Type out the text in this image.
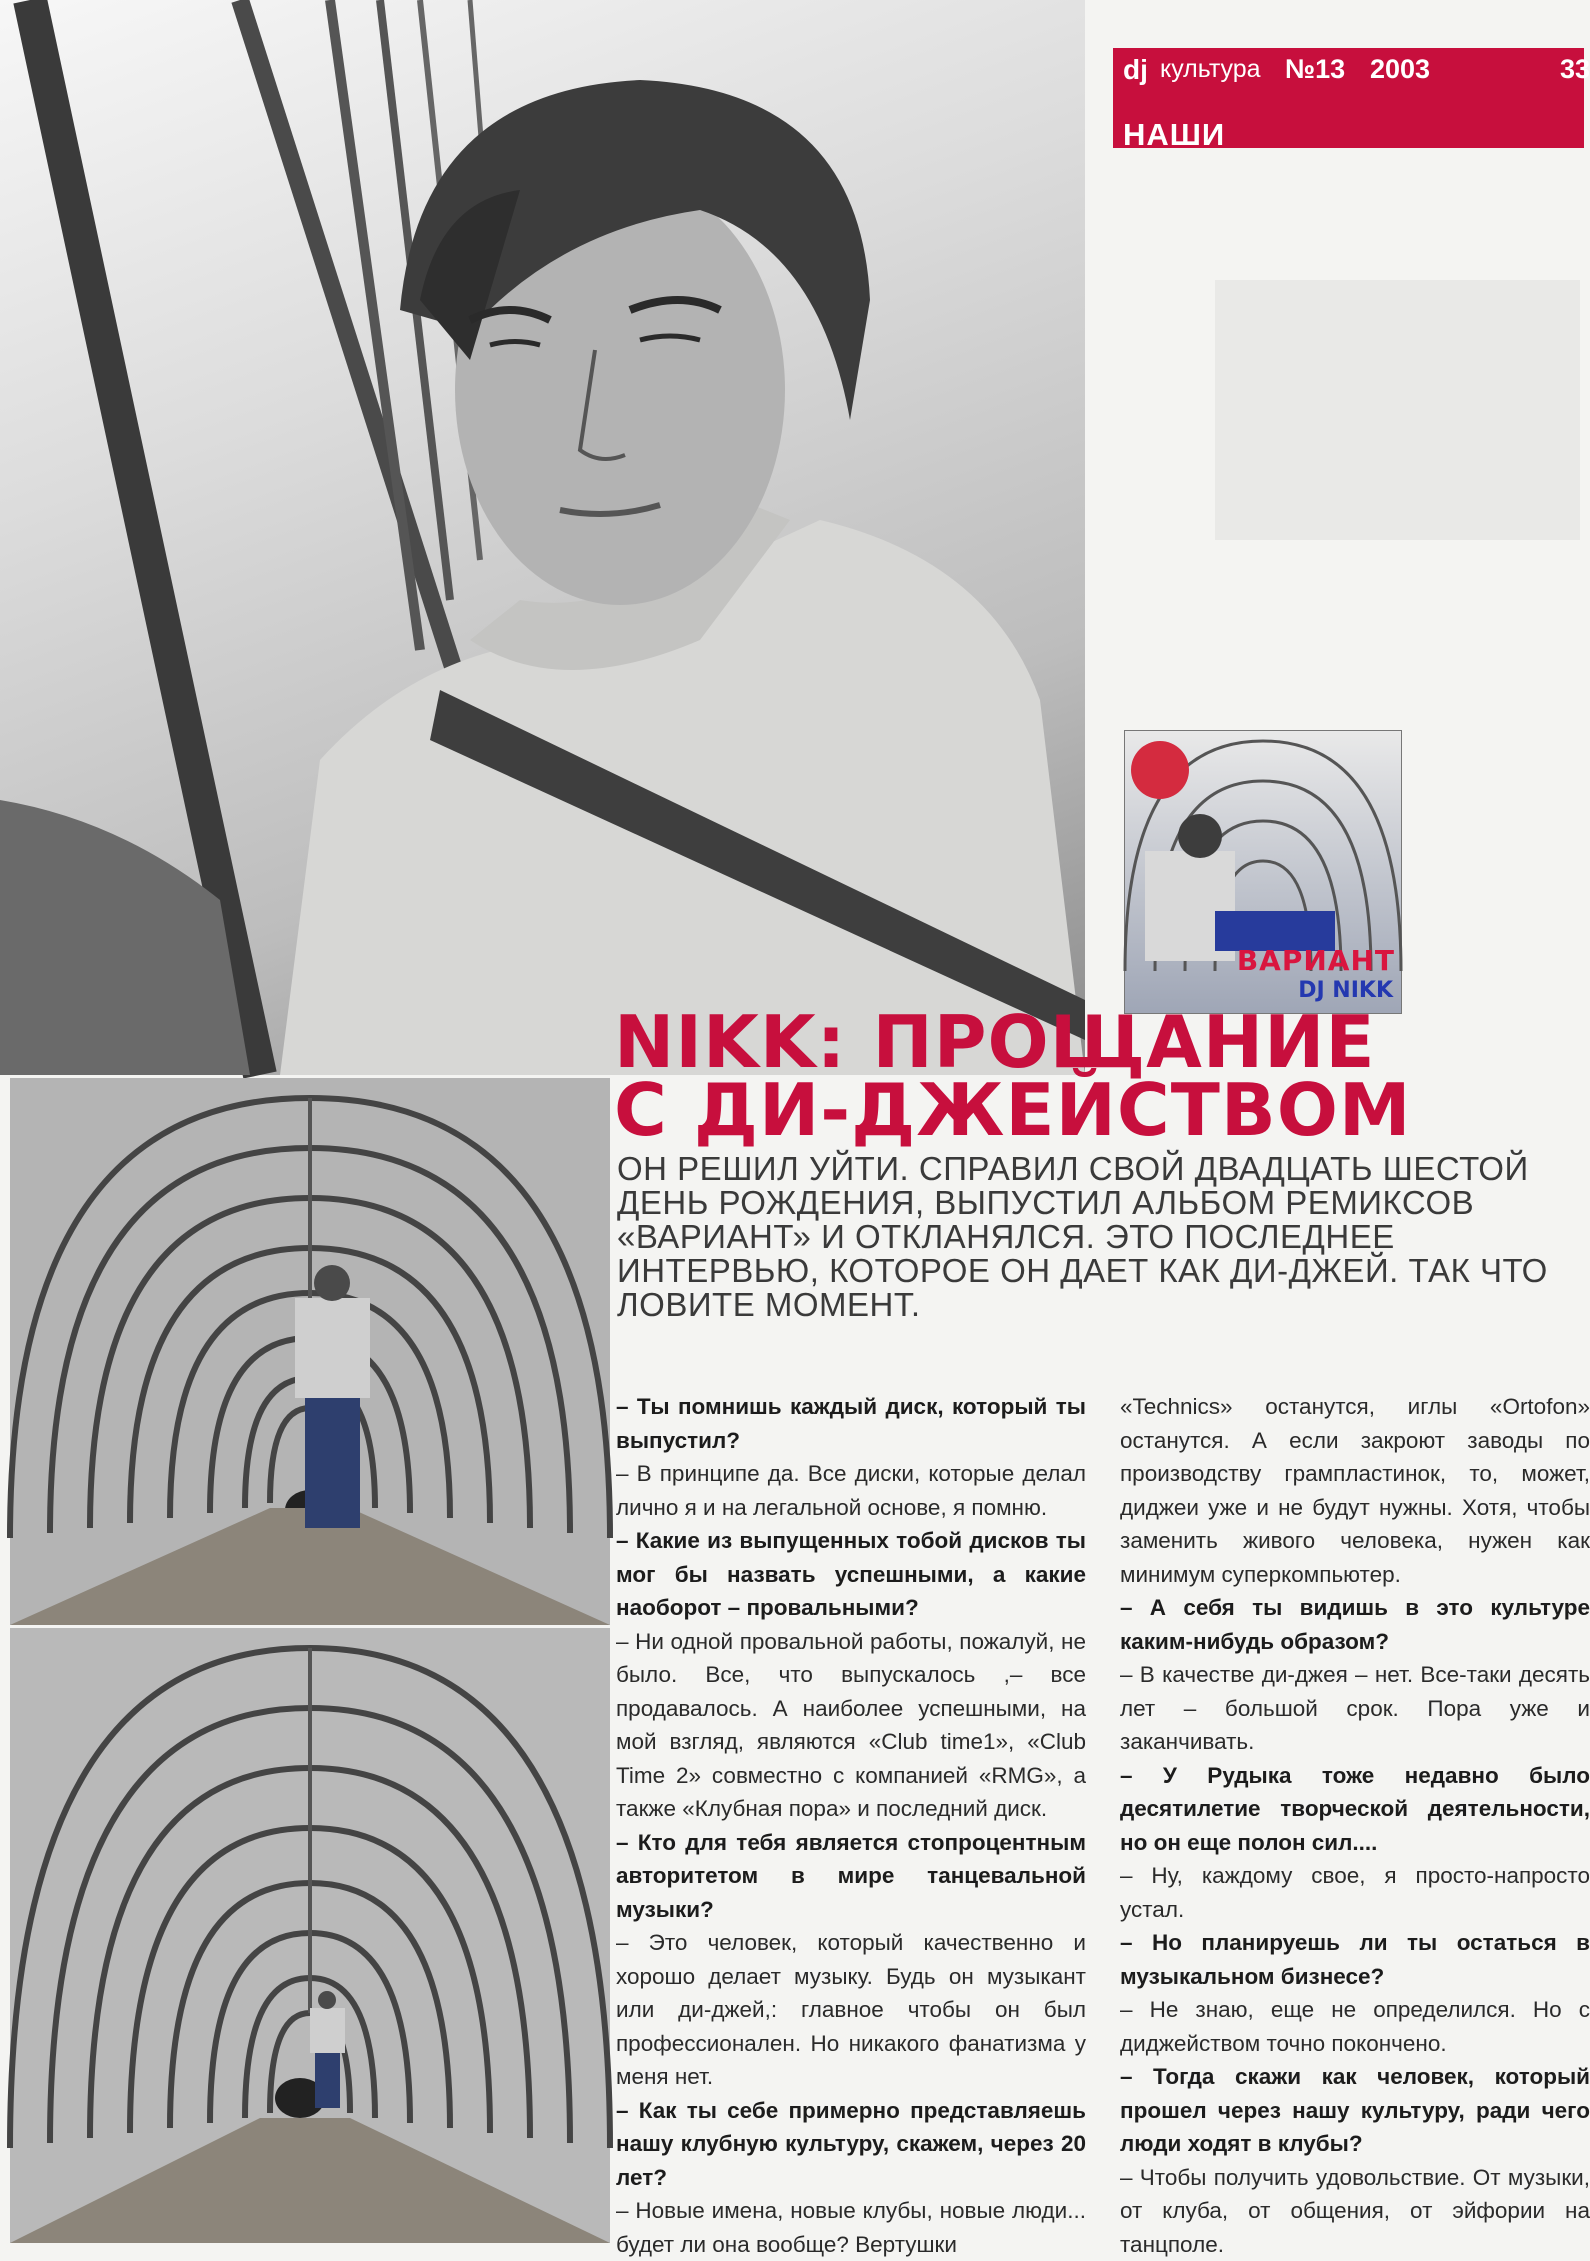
ВАРИАНТ
DJ NIKK
dj культура №13 2003	33
НАШИ
NIKK: ПРОЩАНИЕ
С ДИ-ДЖЕЙСТВОМ

ОН РЕШИЛ УЙТИ. СПРАВИЛ СВОЙ ДВАДЦАТЬ ШЕСТОЙ ДЕНЬ РОЖДЕНИЯ, ВЫПУСТИЛ АЛЬБОМ РЕМИКСОВ «ВАРИАНТ» И ОТКЛАНЯЛСЯ. ЭТО ПОСЛЕДНЕЕ ИНТЕРВЬЮ, КОТОРОЕ ОН ДАЕТ КАК ДИ-ДЖЕЙ. ТАК ЧТО ЛОВИТЕ МОМЕНТ.

– Ты помнишь каждый диск, который ты выпустил?

– В принципе да. Все диски, которые делал лично я и на легальной основе, я помню.

– Какие из выпущенных тобой дисков ты мог бы назвать успешными, а какие наоборот – провальными?

– Ни одной провальной работы, пожалуй, не было. Все, что выпускалось ,– все продавалось. А наиболее успешными, на мой взгляд, являются «Club time1», «Club Time 2» совместно с компанией «RMG», а также «Клубная пора» и последний диск.

– Кто для тебя является стопроцентным авторитетом в мире танцевальной музыки?

– Это человек, который качественно и хорошо делает музыку. Будь он музыкант или ди-джей,: главное чтобы он был профессионален. Но никакого фанатизма у меня нет.

– Как ты себе примерно представляешь нашу клубную культуру, скажем, через 20 лет?

– Новые имена, новые клубы, новые люди... будет ли она вообще? Вертушки

«Technics» останутся, иглы «Ortofon» останутся. А если закроют заводы по производству грампластинок, то, может, диджеи уже и не будут нужны. Хотя, чтобы заменить живого человека, нужен как минимум суперкомпьютер.

– А себя ты видишь в это культуре каким-нибудь образом?

– В качестве ди-джея – нет. Все-таки десять лет – большой срок. Пора уже и заканчивать.

– У Рудыка тоже недавно было десятилетие творческой деятельности, но он еще полон сил....

– Ну, каждому свое, я просто-напросто устал.

– Но планируешь ли ты остаться в музыкальном бизнесе?

– Не знаю, еще не определился. Но с диджейством точно покончено.

– Тогда скажи как человек, который прошел через нашу культуру, ради чего люди ходят в клубы?

– Чтобы получить удовольствие. От музыки, от клуба, от общения, от эйфории на танцполе.
